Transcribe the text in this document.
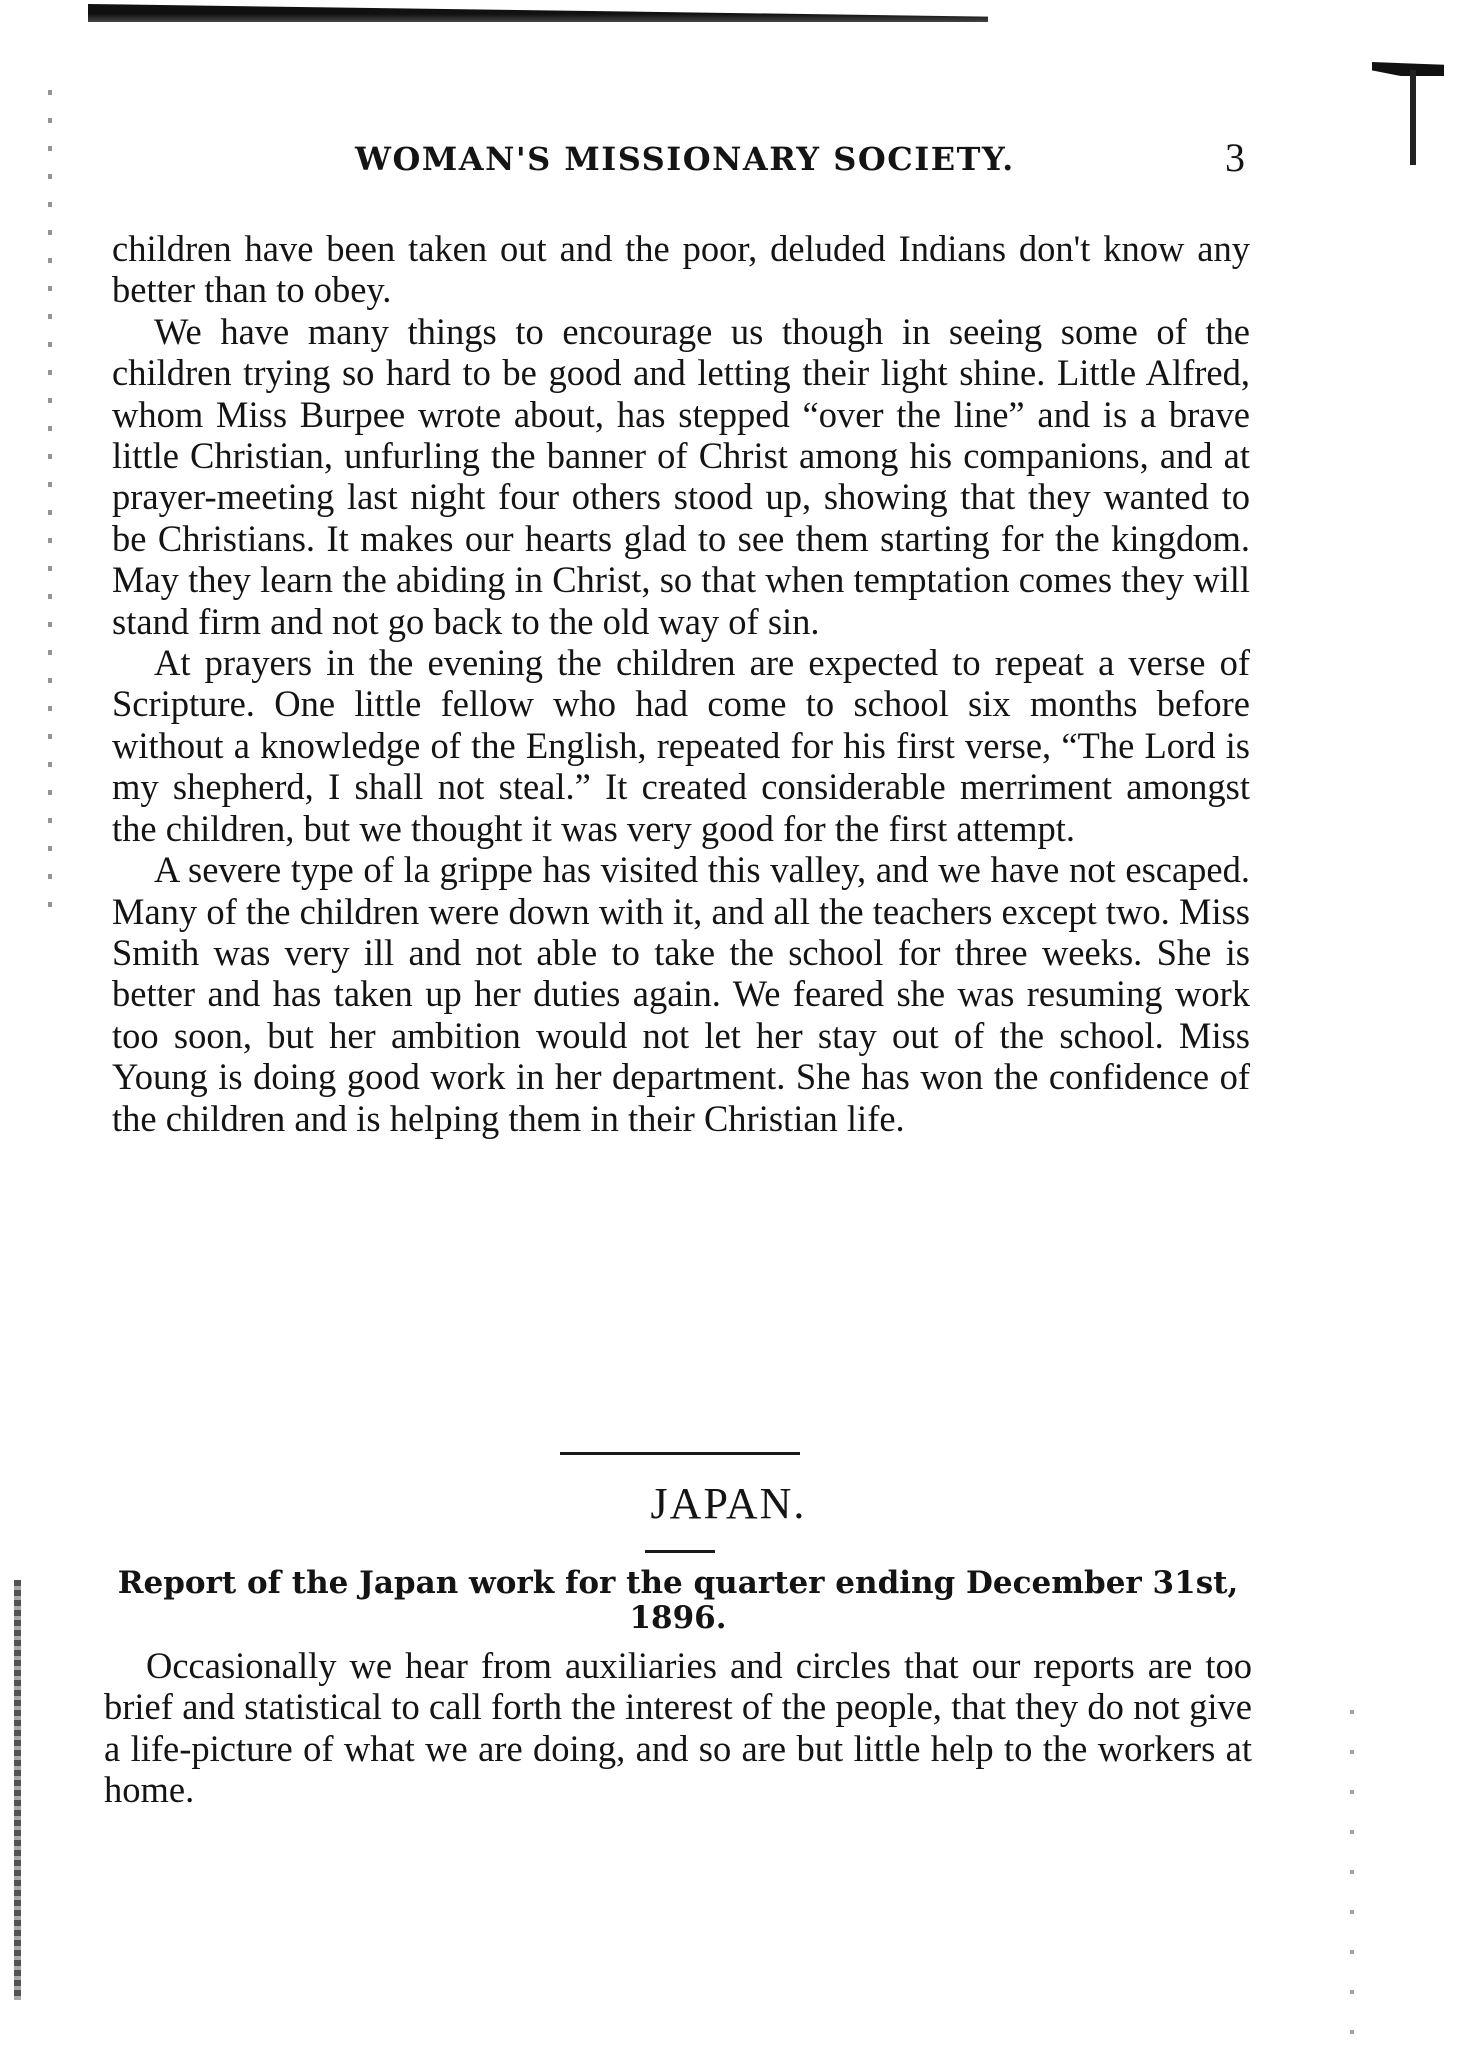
WOMAN'S MISSIONARY SOCIETY.	3

children have been taken out and the poor, deluded Indians don't know any better than to obey.

We have many things to encourage us though in seeing some of the children trying so hard to be good and letting their light shine. Little Alfred, whom Miss Burpee wrote about, has stepped “over the line” and is a brave little Christian, unfurling the banner of Christ among his companions, and at prayer-meeting last night four others stood up, showing that they wanted to be Christians. It makes our hearts glad to see them starting for the kingdom. May they learn the abiding in Christ, so that when temptation comes they will stand firm and not go back to the old way of sin.

At prayers in the evening the children are expected to repeat a verse of Scripture. One little fellow who had come to school six months before without a knowledge of the English, repeated for his first verse, “The Lord is my shepherd, I shall not steal.” It created considerable merriment amongst the children, but we thought it was very good for the first attempt.

A severe type of la grippe has visited this valley, and we have not escaped. Many of the children were down with it, and all the teachers except two. Miss Smith was very ill and not able to take the school for three weeks. She is better and has taken up her duties again. We feared she was resuming work too soon, but her ambition would not let her stay out of the school. Miss Young is doing good work in her department. She has won the confidence of the children and is helping them in their Christian life.

JAPAN.
Report of the Japan work for the quarter ending December 31st, 1896.

Occasionally we hear from auxiliaries and circles that our reports are too brief and statistical to call forth the interest of the people, that they do not give a life-picture of what we are doing, and so are but little help to the workers at home.
